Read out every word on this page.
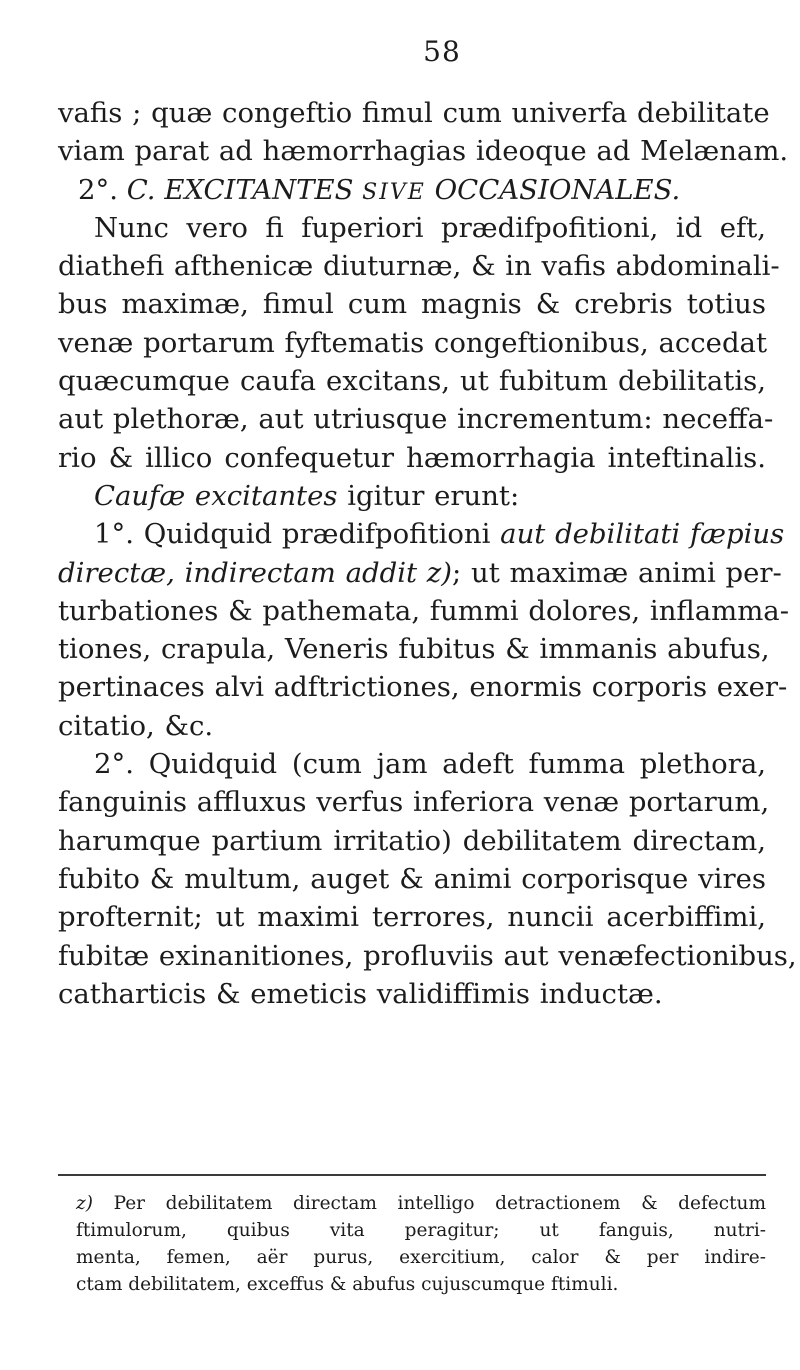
58
vafis ; quæ congeftio fimul cum univerfa debilitate
viam parat ad hæmorrhagias ideoque ad Melænam.
2°. C. EXCITANTES SIVE OCCASIONALES.
Nunc vero fi fuperiori prædifpofitioni, id eft,
diathefi afthenicæ diuturnæ, & in vafis abdominali-
bus maximæ, fimul cum magnis & crebris totius
venæ portarum fyftematis congeftionibus, accedat
quæcumque caufa excitans, ut fubitum debilitatis,
aut plethoræ, aut utriusque incrementum: neceffa-
rio & illico confequetur hæmorrhagia inteftinalis.
Caufæ excitantes igitur erunt:
1°. Quidquid prædifpofitioni aut debilitati fæpius
directæ, indirectam addit z); ut maximæ animi per-
turbationes & pathemata, fummi dolores, inflamma-
tiones, crapula, Veneris fubitus & immanis abufus,
pertinaces alvi adftrictiones, enormis corporis exer-
citatio, &c.
2°. Quidquid (cum jam adeft fumma plethora,
fanguinis affluxus verfus inferiora venæ portarum,
harumque partium irritatio) debilitatem directam,
fubito & multum, auget & animi corporisque vires
profternit; ut maximi terrores, nuncii acerbiffimi,
fubitæ exinanitiones, profluviis aut venæfectionibus,
catharticis & emeticis validiffimis inductæ.
z) Per debilitatem directam intelligo detractionem & defectum
ftimulorum, quibus vita peragitur; ut fanguis, nutri-
menta, femen, aër purus, exercitium, calor & per indire-
ctam debilitatem, exceffus & abufus cujuscumque ftimuli.
